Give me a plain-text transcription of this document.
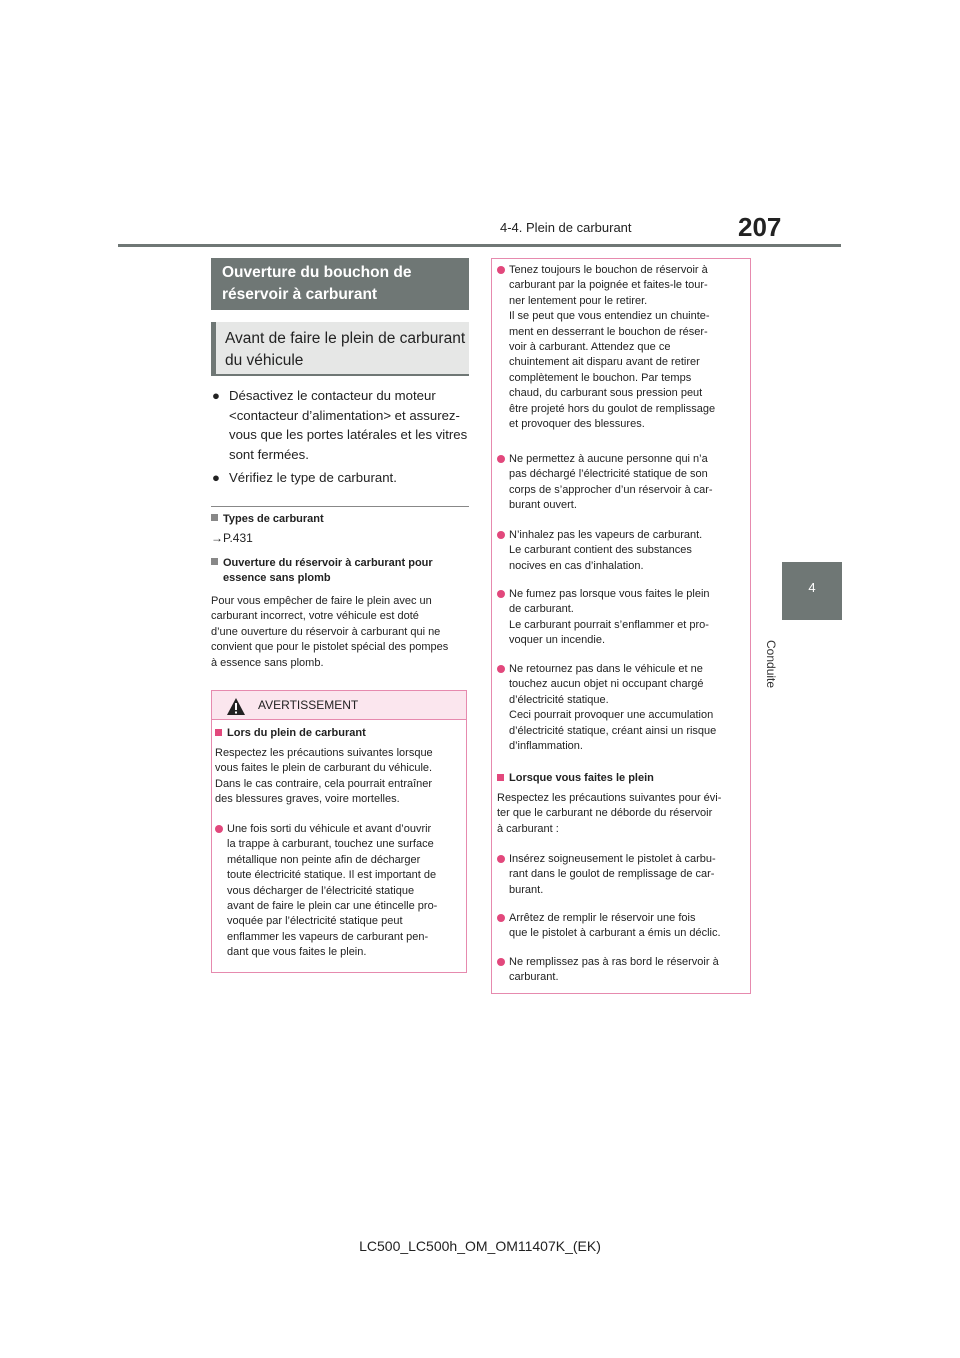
4-4. Plein de carburant	207
4
Conduite
Ouverture du bouchon de
réservoir à carburant
Avant de faire le plein de carburant
du véhicule
● Désactivez le contacteur du moteur
<contacteur d’alimentation> et assurez-
vous que les portes latérales et les vitres
sont fermées.
● Vérifiez le type de carburant.
Types de carburant
→P.431
Ouverture du réservoir à carburant pour
essence sans plomb
Pour vous empêcher de faire le plein avec un
carburant incorrect, votre véhicule est doté
d’une ouverture du réservoir à carburant qui ne
convient que pour le pistolet spécial des pompes
à essence sans plomb.
AVERTISSEMENT
Lors du plein de carburant
Respectez les précautions suivantes lorsque
vous faites le plein de carburant du véhicule.
Dans le cas contraire, cela pourrait entraîner
des blessures graves, voire mortelles.
Une fois sorti du véhicule et avant d’ouvrir
la trappe à carburant, touchez une surface
métallique non peinte afin de décharger
toute électricité statique. Il est important de
vous décharger de l’électricité statique
avant de faire le plein car une étincelle pro-
voquée par l’électricité statique peut
enflammer les vapeurs de carburant pen-
dant que vous faites le plein.
Tenez toujours le bouchon de réservoir à
carburant par la poignée et faites-le tour-
ner lentement pour le retirer.
Il se peut que vous entendiez un chuinte-
ment en desserrant le bouchon de réser-
voir à carburant. Attendez que ce
chuintement ait disparu avant de retirer
complètement le bouchon. Par temps
chaud, du carburant sous pression peut
être projeté hors du goulot de remplissage
et provoquer des blessures.
Ne permettez à aucune personne qui n’a
pas déchargé l’électricité statique de son
corps de s’approcher d’un réservoir à car-
burant ouvert.
N’inhalez pas les vapeurs de carburant.
Le carburant contient des substances
nocives en cas d’inhalation.
Ne fumez pas lorsque vous faites le plein
de carburant.
Le carburant pourrait s’enflammer et pro-
voquer un incendie.
Ne retournez pas dans le véhicule et ne
touchez aucun objet ni occupant chargé
d’électricité statique.
Ceci pourrait provoquer une accumulation
d’électricité statique, créant ainsi un risque
d’inflammation.
Lorsque vous faites le plein
Respectez les précautions suivantes pour évi-
ter que le carburant ne déborde du réservoir
à carburant :
Insérez soigneusement le pistolet à carbu-
rant dans le goulot de remplissage de car-
burant.
Arrêtez de remplir le réservoir une fois
que le pistolet à carburant a émis un déclic.
Ne remplissez pas à ras bord le réservoir à
carburant.
LC500_LC500h_OM_OM11407K_(EK)
